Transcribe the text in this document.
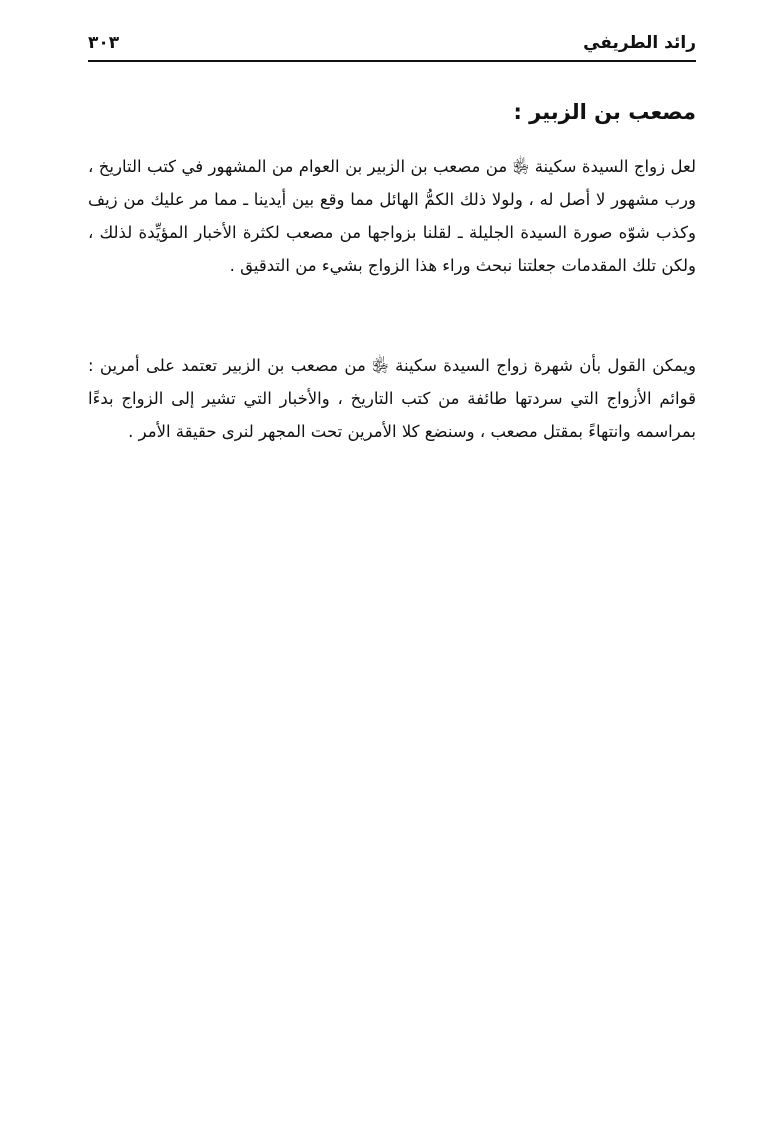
رائد الطريفي
٣٠٣
مصعب بن الزبير :

لعل زواج السيدة سكينة ﵂ من مصعب بن الزبير بن العوام من المشهور في كتب التاريخ ، ورب مشهور لا أصل له ، ولولا ذلك الكمُّ الهائل مما وقع بين أيدينا ـ مما مر عليك من زيف وكذب شوّه صورة السيدة الجليلة ـ لقلنا بزواجها من مصعب لكثرة الأخبار المؤيِّدة لذلك ، ولكن تلك المقدمات جعلتنا نبحث وراء هذا الزواج بشيء من التدقيق .

ويمكن القول بأن شهرة زواج السيدة سكينة ﵂ من مصعب بن الزبير تعتمد على أمرين : قوائم الأزواج التي سردتها طائفة من كتب التاريخ ، والأخبار التي تشير إلى الزواج بدءًا بمراسمه وانتهاءً بمقتل مصعب ، وسنضع كلا الأمرين تحت المجهر لنرى حقيقة الأمر .
